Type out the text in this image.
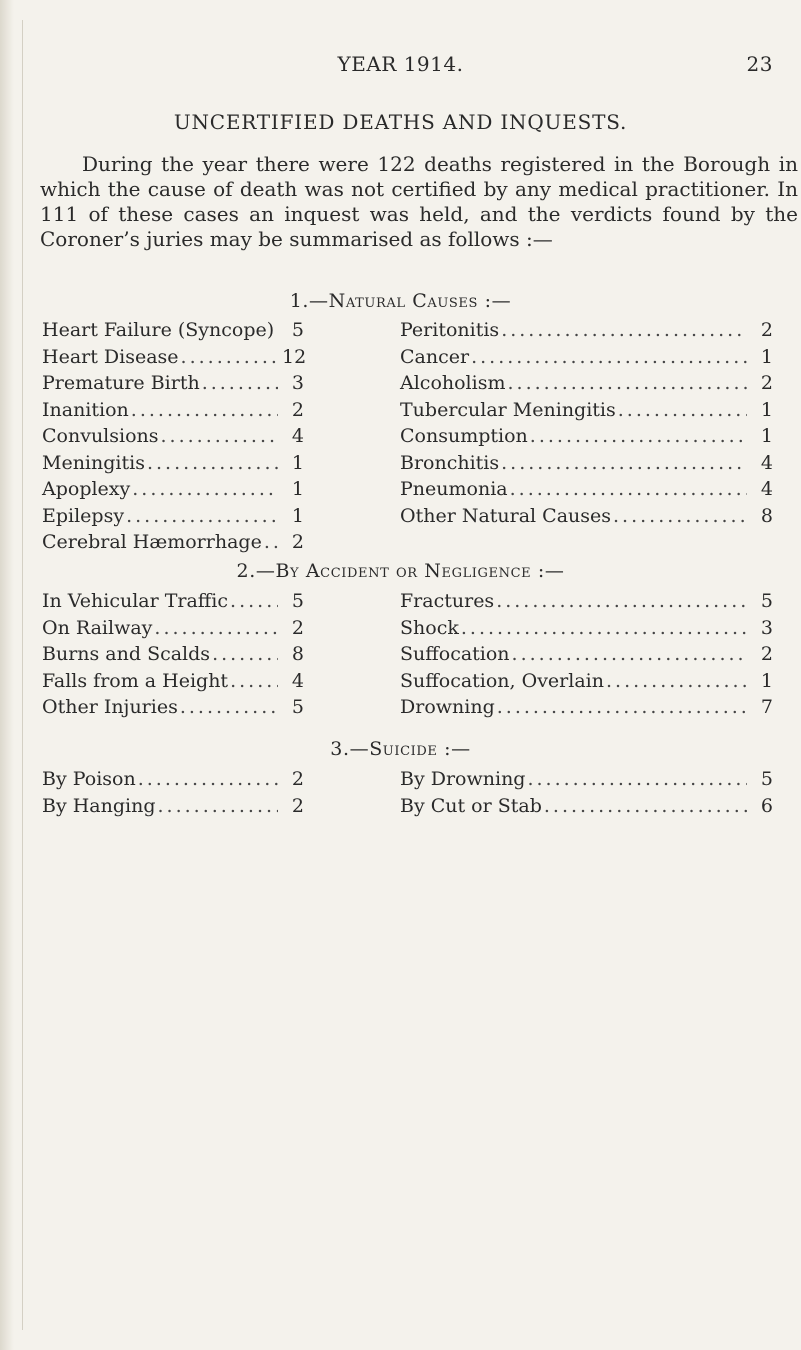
YEAR 1914.	23
UNCERTIFIED DEATHS AND INQUESTS.

During the year there were 122 deaths registered in the Borough in which the cause of death was not certified by any medical practitioner. In 111 of these cases an inquest was held, and the verdicts found by the Coroner’s juries may be summarised as follows :—

1.—Natural Causes :—
Heart Failure (Syncope) ..... 5
Heart Disease .....	12
Premature Birth .....	3
Inanition .....	2
Convulsions .....	4
Meningitis .....	1
Apoplexy .....	1
Epilepsy .....	1
Cerebral Hæmorrhage .....	2
Peritonitis .....	2
Cancer .....	1
Alcoholism .....	2
Tubercular Meningitis .....	1
Consumption .....	1
Bronchitis .....	4
Pneumonia .....	4
Other Natural Causes .....	8
2.—By Accident or Negligence :—
In Vehicular Traffic .....	5
On Railway .....	2
Burns and Scalds .....	8
Falls from a Height .....	4
Other Injuries .....	5
Fractures .....	5
Shock .....	3
Suffocation .....	2
Suffocation, Overlain .....	1
Drowning .....	7
3.—Suicide :—
By Poison .....	2
By Hanging .....	2
By Drowning .....	5
By Cut or Stab .....	6
